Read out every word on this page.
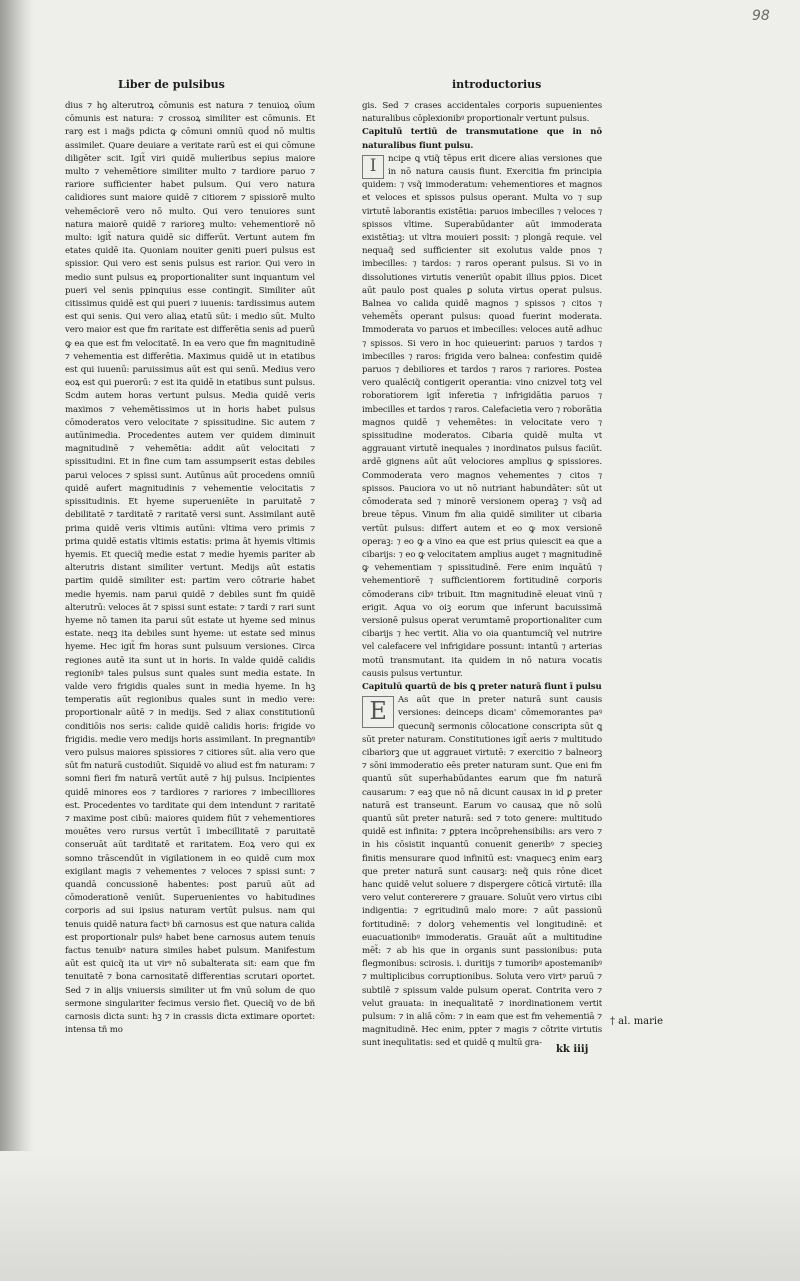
98
Liber de pulsibus	introductorius

dius ⁊ hꝯ alterutroꝝ cōmunis est natura ⁊ tenuioꝝ oīum cōmunis est natura: ⁊ crossoꝝ similiter est cōmunis. Et rarꝯ est i mag̃s pdicta ꝙ cōmuni omniū quoḋ nō multis assimilet. Quare deuiare a veritate rarū est ei qui cōmune diligēter scit. Igit̃ viri quidē mulieribus sepius maiore multo ⁊ vehemētiore similiter multo ⁊ tardiore paruo ⁊ rariore sufficienter habet pulsum. Qui vero natura calidiores sunt maiore quidē ⁊ citiorem ⁊ spissiorē multo vehemēciorē vero nō multo. Qui vero tenuiores sunt natura maiorē quidē ⁊ rarioreꝫ multo: vehementiorē nō multo: igit̃ natura quidē sic differūt. Vertunt autem fm etates quidē ita. Quoniam nouiter geniti pueri pulsus est spissior. Qui vero est senis pulsus est rarior. Qui vero in medio sunt pulsus eꝝ proportionaliter sunt inquantum vel pueri vel senis ppinquius esse contingit. Similiter aūt citissimus quidē est qui pueri ⁊ iuuenis: tardissimus autem est qui senis. Qui vero aliaꝝ etatū sūt: i medio sūt. Multo vero maior est que fm raritate est differētia senis ad puerū ꝙ ea que est fm velocitatē. In ea vero que fm magnitudinē ⁊ vehementia est differētia. Maximus quidē ut in etatibus est qui iuuenū: paruissimus aūt est qui senū. Medius vero eoꝝ est qui puerorū: ⁊ est ita quidē in etatibus sunt pulsus. Scdm autem horas vertunt pulsus. Media quidē veris maximos ⁊ vehemētissimos ut in horis habet pulsus cōmoderatos vero velocitate ⁊ spissitudine. Sic autem ⁊ autūnimedia. Procedentes autem ver quidem diminuit magnitudinē ⁊ vehemētia: addit aūt velocitati ⁊ spissitudini. Et in fine cum tam assumpserit estas debiles parui veloces ⁊ spissi sunt. Autūnus aūt procedens omniū quidē aufert magnitudinis ⁊ vehementie velocitatis ⁊ spissitudinis. Et hyeme superueniēte in paruitatē ⁊ debilitatē ⁊ tarditatē ⁊ raritatē versi sunt. Assimilant autē prima quidē veris vltimis autūni: vltima vero primis ⁊ prima quidē estatis vltimis estatis: prima āt hyemis vltimis hyemis. Et queciq̃ medie estat ⁊ medie hyemis pariter ab alterutris distant similiter vertunt. Medijs aūt estatis partim quidē similiter est: partim vero cōtrarie habet medie hyemis. nam parui quidē ⁊ debiles sunt fm quidē alterutrū: veloces āt ⁊ spissi sunt estate: ⁊ tardi ⁊ rari sunt hyeme nō tamen ita parui sūt estate ut hyeme sed minus estate. neqꝫ ita debiles sunt hyeme: ut estate sed minus hyeme. Hec igit̃ fm horas sunt pulsuum versiones. Circa regiones autē ita sunt ut in horis. In valde quidē calidis regionibꝰ tales pulsus sunt quales sunt media estate. In valde vero frigidis quales sunt in media hyeme. In hꝫ temperatis aūt regionibus quales sunt in medio vere: proportionalr aūtē ⁊ in medijs. Sed ⁊ aliax constitutionū conditiōis nos seris: calide quidē calidis horis: frigide vo frigidis. medie vero medijs horis assimilant. In pregnantibꝰ vero pulsus maiores spissiores ⁊ citiores sūt. alia vero que sūt fm naturā custodiūt. Siquidē vo aliud est fm naturam: ⁊ somni fieri fm naturā vertūt autē ⁊ hij pulsus. Incipientes quidē minores eos ⁊ tardiores ⁊ rariores ⁊ imbecilliores est. Procedentes vo tarditate qui dem intendunt ⁊ raritatē ⁊ maxime post cibū: maiores quidem fiūt ⁊ vehementiores mouētes vero rursus vertūt ī imbecillitatē ⁊ paruitatē conseruāt aūt tarditatē et raritatem. Eoꝝ vero qui ex somno trāscendūt in vigilationem in eo quidē cum mox exigilant magis ⁊ vehementes ⁊ veloces ⁊ spissi sunt: ⁊ quandā concussionē habentes: post paruū aūt ad cōmoderationē veniūt. Superuenientes vo habitudines corporis ad sui ipsius naturam vertūt pulsus. nam qui tenuis quidē natura factꝰ bñ carnosus est que natura calida est proportionalr pulsꝰ habet bene carnosus autem tenuis factus tenuibꝰ natura similes habet pulsum. Manifestum aūt est quicq̃ ita ut virꝰ nō subalterata sit: eam que fm tenuitatē ⁊ bona carnositatē differentias scrutari oportet. Sed ⁊ in alijs vniuersis similiter ut fm vnū solum de quo sermone singulariter fecimus versio fiet. Queciq̃ vo de bñ carnosis dicta sunt: hꝫ ⁊ in crassis dicta extimare oportet: intensa tñ mo

gis. Sed ⁊ crases accidentales corporis supuenientes naturalibus cōplexionibꝰ proportionalr vertunt pulsus.

Capitulū tertiū de transmutatione que in nō naturalibus fiunt pulsu.

I	ncipe ꝗ vtiq̃ tēpus erit dicere alias versiones que in nō natura causis fiunt. Exercitia fm principia quidem: ⁊ vsq̃ immoderatum: vehementiores et magnos et veloces et spissos pulsus operant. Multa vo ⁊ sup virtutē laborantis existētia: paruos imbecilles ⁊ veloces ⁊ spissos vltime. Superabūdanter aūt immoderata existētiaꝫ: ut vltra mouieri possit: ⁊ plongā requie. vel nequaq̃ sed sufficienter sit exolutus valde pnos ⁊ imbecilles: ⁊ tardos: ⁊ raros operant pulsus. Si vo in dissolutiones virtutis veneriūt opabit illius ꝑpios. Dicet aūt paulo post quales ꝑ soluta virtus operat pulsus. Balnea vo calida quidē magnos ⁊ spissos ⁊ citos ⁊ vehemēt̃s operant pulsus: quoad fuerint moderata. Immoderata vo paruos et imbecilles: veloces autē adhuc ⁊ spissos. Si vero in hoc quieuerint: paruos ⁊ tardos ⁊ imbecilles ⁊ raros: frigida vero balnea: confestim quidē paruos ⁊ debiliores et tardos ⁊ raros ⁊ rariores. Postea vero qualēciq̃ contigerit operantia: vino cnizvel totꝫ vel roboratiorem igit̃ inferetia ⁊ infrigidātia paruos ⁊ imbecilles et tardos ⁊ raros. Calefacietia vero ⁊ roborātia magnos quidē ⁊ vehemētes: in velocitate vero ⁊ spissitudine moderatos. Cibaria quidē multa vt aggrauant virtutē inequales ⁊ inordinatos pulsus faciūt. ardē gignens aūt aūt velociores amplius ꝙ spissiores. Commoderata vero magnos vehementes ⁊ citos ⁊ spissos. Pauciora vo ut nō nutriant habundāter: sūt ut cōmoderata sed ⁊ minorē versionem operaꝫ ⁊ vsq̃ ad breue tēpus. Vinum fm alia quidē similiter ut cibaria vertūt pulsus: differt autem et eo ꝙ mox versionē operaꝫ: ⁊ eo ꝙ a vino ea que est prius quiescit ea que a cibarijs: ⁊ eo ꝙ velocitatem amplius auget ⁊ magnitudinē ꝙ vehementiam ⁊ spissitudinē. Fere enim inquātū ⁊ vehementiorē ⁊ sufficientiorem fortitudinē corporis cōmoderans cibꝰ tribuit. Itm magnitudinē eleuat vinū ⁊ erigit. Aqua vo oiꝫ eorum que inferunt bacuissimā versionē pulsus operat verumtamē proportionaliter cum cibarijs ⁊ hec vertit. Alia vo oia quantumciq̃ vel nutrire vel calefacere vel infrigidare possunt: intantū ⁊ arterias motū transmutant. ita quidem in nō natura vocatis causis pulsus vertuntur.

Capitulū quartū de bis ꝗ preter naturā fiunt ī pulsu

E	As aūt que in preter naturā sunt causis versiones: deinceps dicam' cōmemorantes paꝰ quecunq̃ sermonis cōlocatione conscripta sūt ꝗ sūt preter naturam. Constitutiones igit̃ aeris ⁊ multitudo cibariorꝫ que ut aggrauet virtutē: ⁊ exercitio ⁊ balneorꝫ ⁊ sōni immoderatio eēs preter naturam sunt. Que eni fm quantū sūt superhabūdantes earum que fm naturā causarum: ⁊ eaꝫ que nō nā dicunt causax in id ꝑ preter naturā est transeunt. Earum vo causaꝝ que nō solū quantū sūt preter naturā: sed ⁊ toto genere: multitudo quidē est infinita: ⁊ ꝑptera incōprehensibilis: ars vero ⁊ in his cōsistit inquantū conuenit generibꝰ ⁊ specieꝫ finitis mensurare quod infinitū est: vnaquecꝫ enim earꝫ que preter naturā sunt causarꝫ: neq̃ quis rōne dicet hanc quidē velut soluere ⁊ dispergere cōticā virtutē: illa vero velut contererere ⁊ grauare. Soluūt vero virtus cibi indigentia: ⁊ egritudinū malo more: ⁊ aūt passionū fortitudinē: ⁊ dolorꝫ vehementis vel longitudinē: et euacuationibꝰ immoderatis. Grauāt aūt a multitudine mēt̃: ⁊ ab his que in organis sunt passionibus: puta flegmonibus: scirosis. i. duritijs ⁊ tumoribꝰ apostemanibꝰ ⁊ multiplicibus corruptionibus. Soluta vero virtꝰ paruū ⁊ subtilē ⁊ spissum valde pulsum operat. Contrita vero ⁊ velut grauata: in inequalitatē ⁊ inordinationem vertit pulsum: ⁊ in aliā cōm: ⁊ in eam que est fm vehementiā ⁊ magnitudinē. Hec enim, ppter ⁊ magis ⁊ cōtrite virtutis sunt inequlitatis: sed et quidē q multū gra-

† al. marie
kk iiij
